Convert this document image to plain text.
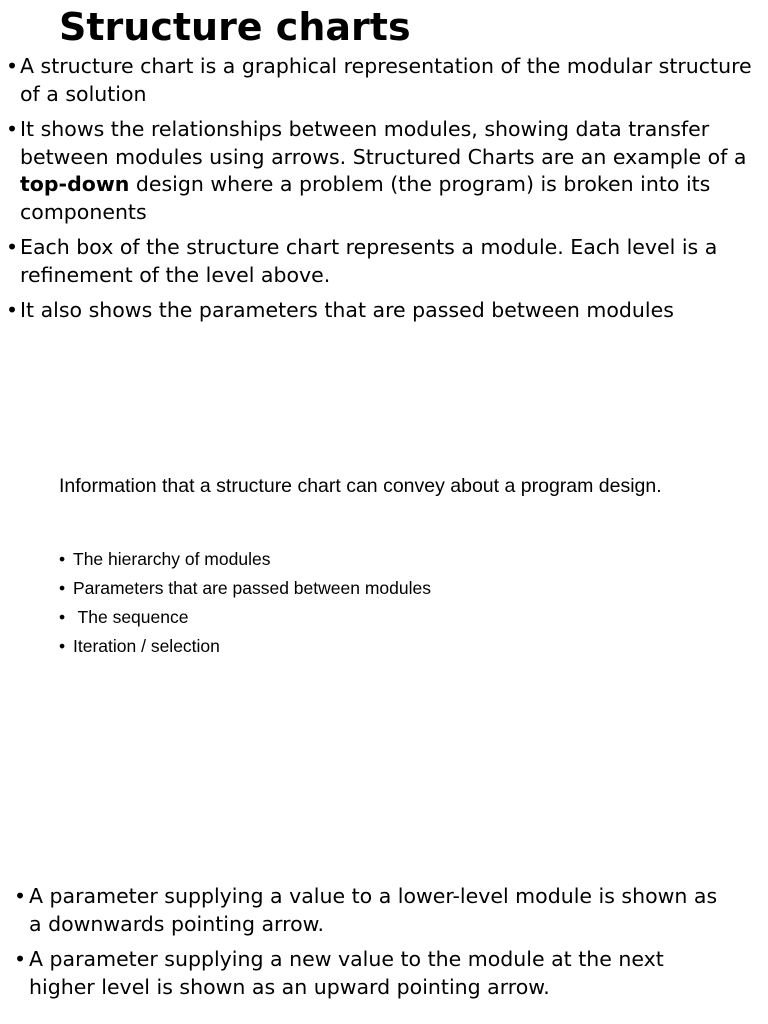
Structure charts
• A structure chart is a graphical representation of the modular structure of a solution
• It shows the relationships between modules, showing data transfer between modules using arrows. Structured Charts are an example of a top-down design where a problem (the program) is broken into its components
• Each box of the structure chart represents a module. Each level is a refinement of the level above.
• It also shows the parameters that are passed between modules

Information that a structure chart can convey about a program design.

• The hierarchy of modules
• Parameters that are passed between modules
• The sequence
• Iteration / selection
• A parameter supplying a value to a lower-level module is shown as a downwards pointing arrow.
• A parameter supplying a new value to the module at the next higher level is shown as an upward pointing arrow.
